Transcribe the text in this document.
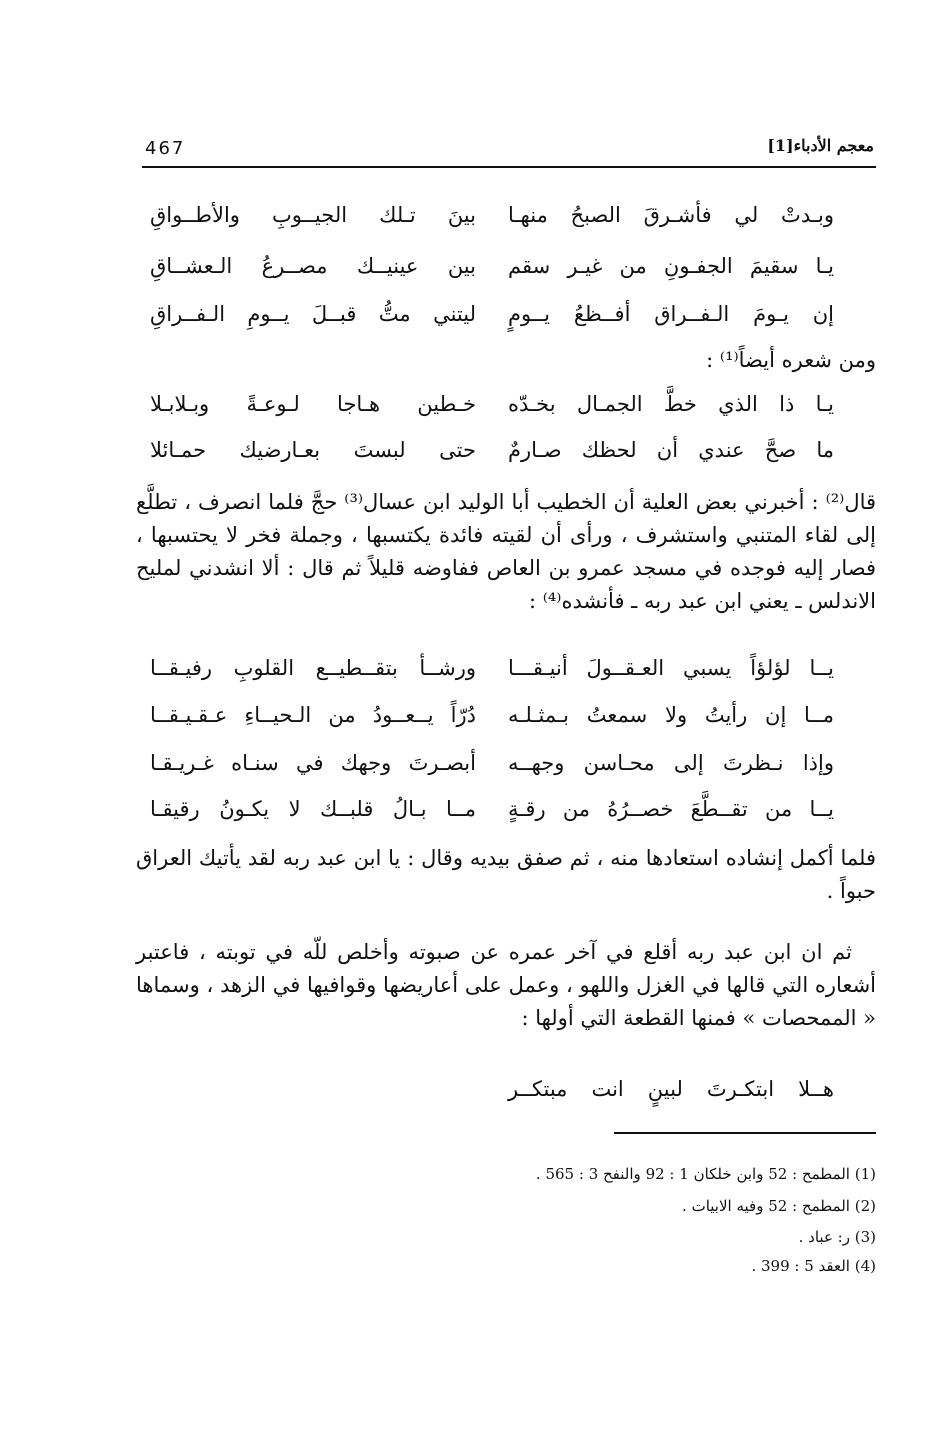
467	معجم الأدباء[1]
وبـدتْ لي فأشـرقَ الصبحُ منهـا
بينَ تـلك الجيــوبِ والأطــواقِ
يـا سقيمَ الجفـونِ من غيـر سقم
بين عينيــك مصــرعُ الـعشــاقِ
إن يـومَ الـفــراق أفــظعُ يــومٍ
ليتني متُّ قبــلَ يــومِ الـفــراقِ
ومن شعره أيضاً⁽¹⁾ :
يـا ذا الذي خطَّ الجمـال بخـدّه
خـطين هـاجا لـوعـةً وبـلابـلا
ما صحَّ عندي أن لحظك صـارمٌ
حتى لبستَ بعـارضيك حمـائلا
قال⁽²⁾ : أخبرني بعض العلية أن الخطيب أبا الوليد ابن عسال⁽³⁾ حجَّ فلما انصرف ، تطلَّع إلى لقاء المتنبي واستشرف ، ورأى أن لقيته فائدة يكتسبها ، وجملة فخر لا يحتسبها ، فصار إليه فوجده في مسجد عمرو بن العاص ففاوضه قليلاً ثم قال : ألا انشدني لمليح الاندلس ـ يعني ابن عبد ربه ـ فأنشده⁽⁴⁾ :
يــا لؤلؤاً يسبي العـقــولَ أنيـقـــا
ورشــأ بتقــطيــع القلوبِ رفيـقــا
مــا إن رأيتُ ولا سمعتُ بـمثـلـه
دُرّاً يــعــودُ من الـحيــاءِ عـقـيـقــا
وإذا نـظرتَ إلى محـاسن وجهــه
أبصـرتَ وجهك في سنـاه غـريـقـا
يــا من تقــطَّعَ خصــرُهُ من رقـةٍ
مــا بـالُ قلبــك لا يكـونُ رقيقـا
فلما أكمل إنشاده استعادها منه ، ثم صفق بيديه وقال : يا ابن عبد ربه لقد يأتيك العراق حبواً .
ثم ان ابن عبد ربه أقلع في آخر عمره عن صبوته وأخلص للّه في توبته ، فاعتبر أشعاره التي قالها في الغزل واللهو ، وعمل على أعاريضها وقوافيها في الزهد ، وسماها « الممحصات » فمنها القطعة التي أولها :
هــلا ابتكـرتَ لبينٍ انت مبتكــر
(1) المطمح : 52 وابن خلكان 1 : 92 والنفح 3 : 565 .
(2) المطمح : 52 وفيه الابيات .
(3) ر: عباد .
(4) العقد 5 : 399 .
